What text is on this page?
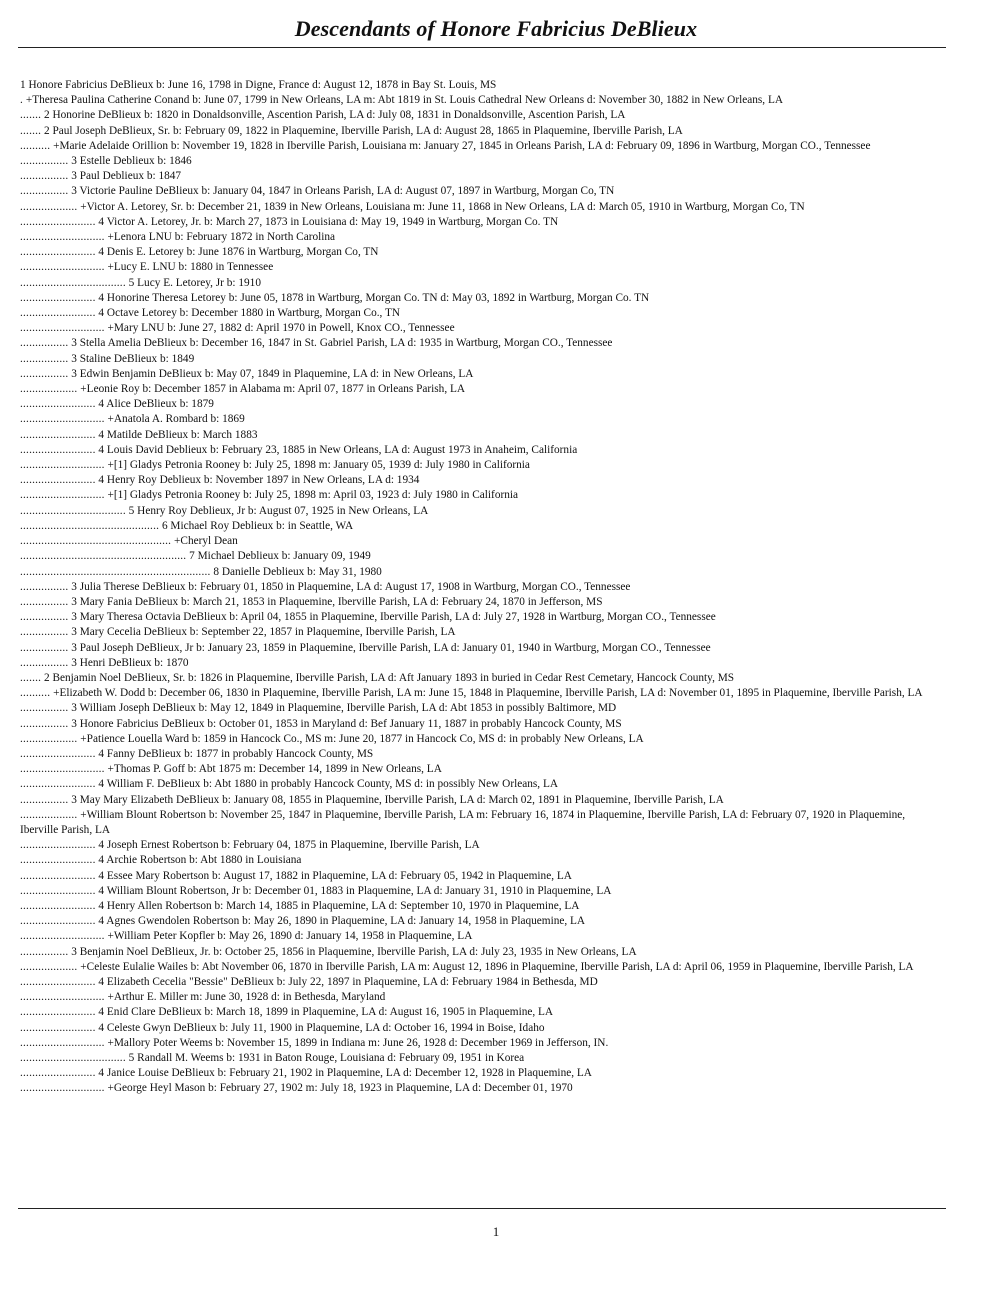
Descendants of Honore Fabricius DeBlieux
1 Honore Fabricius DeBlieux b: June 16, 1798 in Digne, France d: August 12, 1878 in Bay St. Louis, MS
. +Theresa Paulina Catherine Conand b: June 07, 1799 in New Orleans, LA m: Abt 1819 in St. Louis Cathedral New Orleans d: November 30, 1882 in New Orleans, LA
....... 2 Honorine DeBlieux b: 1820 in Donaldsonville, Ascention Parish, LA d: July 08, 1831 in Donaldsonville, Ascention Parish, LA
....... 2 Paul Joseph DeBlieux, Sr. b: February 09, 1822 in Plaquemine, Iberville Parish, LA d: August 28, 1865 in Plaquemine, Iberville Parish, LA
.......... +Marie Adelaide Orillion b: November 19, 1828 in Iberville Parish, Louisiana m: January 27, 1845 in Orleans Parish, LA d: February 09, 1896 in Wartburg, Morgan CO., Tennessee
................ 3 Estelle Deblieux b: 1846
................ 3 Paul Deblieux b: 1847
................ 3 Victorie Pauline DeBlieux b: January 04, 1847 in Orleans Parish, LA d: August 07, 1897 in Wartburg, Morgan Co, TN
................... +Victor A. Letorey, Sr. b: December 21, 1839 in New Orleans, Louisiana m: June 11, 1868 in New Orleans, LA d: March 05, 1910 in Wartburg, Morgan Co, TN
......................... 4 Victor A. Letorey, Jr. b: March 27, 1873 in Louisiana d: May 19, 1949 in Wartburg, Morgan Co. TN
............................ +Lenora LNU b: February 1872 in North Carolina
......................... 4 Denis E. Letorey b: June 1876 in Wartburg, Morgan Co, TN
............................ +Lucy E. LNU b: 1880 in Tennessee
................................... 5 Lucy E. Letorey, Jr b: 1910
......................... 4 Honorine Theresa Letorey b: June 05, 1878 in Wartburg, Morgan Co. TN d: May 03, 1892 in Wartburg, Morgan Co. TN
......................... 4 Octave Letorey b: December 1880 in Wartburg, Morgan Co., TN
............................ +Mary LNU b: June 27, 1882 d: April 1970 in Powell, Knox CO., Tennessee
................ 3 Stella Amelia DeBlieux b: December 16, 1847 in St. Gabriel Parish, LA d: 1935 in Wartburg, Morgan CO., Tennessee
................ 3 Staline DeBlieux b: 1849
................ 3 Edwin Benjamin DeBlieux b: May 07, 1849 in Plaquemine, LA d: in New Orleans, LA
................... +Leonie Roy b: December 1857 in Alabama m: April 07, 1877 in Orleans Parish, LA
......................... 4 Alice DeBlieux b: 1879
............................ +Anatola A. Rombard b: 1869
......................... 4 Matilde DeBlieux b: March 1883
......................... 4 Louis David Deblieux b: February 23, 1885 in New Orleans, LA d: August 1973 in Anaheim, California
............................ +[1] Gladys Petronia Rooney b: July 25, 1898 m: January 05, 1939 d: July 1980 in California
......................... 4 Henry Roy Deblieux b: November 1897 in New Orleans, LA d: 1934
............................ +[1] Gladys Petronia Rooney b: July 25, 1898 m: April 03, 1923 d: July 1980 in California
................................... 5 Henry Roy Deblieux, Jr b: August 07, 1925 in New Orleans, LA
.............................................. 6 Michael Roy Deblieux b: in Seattle, WA
.................................................. +Cheryl Dean
....................................................... 7 Michael Deblieux b: January 09, 1949
............................................................... 8 Danielle Deblieux b: May 31, 1980
................ 3 Julia Therese DeBlieux b: February 01, 1850 in Plaquemine, LA d: August 17, 1908 in Wartburg, Morgan CO., Tennessee
................ 3 Mary Fania DeBlieux b: March 21, 1853 in Plaquemine, Iberville Parish, LA d: February 24, 1870 in Jefferson, MS
................ 3 Mary Theresa Octavia DeBlieux b: April 04, 1855 in Plaquemine, Iberville Parish, LA d: July 27, 1928 in Wartburg, Morgan CO., Tennessee
................ 3 Mary Cecelia DeBlieux b: September 22, 1857 in Plaquemine, Iberville Parish, LA
................ 3 Paul Joseph DeBlieux, Jr b: January 23, 1859 in Plaquemine, Iberville Parish, LA d: January 01, 1940 in Wartburg, Morgan CO., Tennessee
................ 3 Henri DeBlieux b: 1870
....... 2 Benjamin Noel DeBlieux, Sr. b: 1826 in Plaquemine, Iberville Parish, LA d: Aft January 1893 in buried in Cedar Rest Cemetary, Hancock County, MS
.......... +Elizabeth W. Dodd b: December 06, 1830 in Plaquemine, Iberville Parish, LA m: June 15, 1848 in Plaquemine, Iberville Parish, LA d: November 01, 1895 in Plaquemine, Iberville Parish, LA
................ 3 William Joseph DeBlieux b: May 12, 1849 in Plaquemine, Iberville Parish, LA d: Abt 1853 in possibly Baltimore, MD
................ 3 Honore Fabricius DeBlieux b: October 01, 1853 in Maryland d: Bef January 11, 1887 in probably Hancock County, MS
................... +Patience Louella Ward b: 1859 in Hancock Co., MS m: June 20, 1877 in Hancock Co, MS d: in probably New Orleans, LA
......................... 4 Fanny DeBlieux b: 1877 in probably Hancock County, MS
............................ +Thomas P. Goff b: Abt 1875 m: December 14, 1899 in New Orleans, LA
......................... 4 William F. DeBlieux b: Abt 1880 in probably Hancock County, MS d: in possibly New Orleans, LA
................ 3 May Mary Elizabeth DeBlieux b: January 08, 1855 in Plaquemine, Iberville Parish, LA d: March 02, 1891 in Plaquemine, Iberville Parish, LA
................... +William Blount Robertson b: November 25, 1847 in Plaquemine, Iberville Parish, LA m: February 16, 1874 in Plaquemine, Iberville Parish, LA d: February 07, 1920 in Plaquemine, Iberville Parish, LA
......................... 4 Joseph Ernest Robertson b: February 04, 1875 in Plaquemine, Iberville Parish, LA
......................... 4 Archie Robertson b: Abt 1880 in Louisiana
......................... 4 Essee Mary Robertson b: August 17, 1882 in Plaquemine, LA d: February 05, 1942 in Plaquemine, LA
......................... 4 William Blount Robertson, Jr b: December 01, 1883 in Plaquemine, LA d: January 31, 1910 in Plaquemine, LA
......................... 4 Henry Allen Robertson b: March 14, 1885 in Plaquemine, LA d: September 10, 1970 in Plaquemine, LA
......................... 4 Agnes Gwendolen Robertson b: May 26, 1890 in Plaquemine, LA d: January 14, 1958 in Plaquemine, LA
............................ +William Peter Kopfler b: May 26, 1890 d: January 14, 1958 in Plaquemine, LA
................ 3 Benjamin Noel DeBlieux, Jr. b: October 25, 1856 in Plaquemine, Iberville Parish, LA d: July 23, 1935 in New Orleans, LA
................... +Celeste Eulalie Wailes b: Abt November 06, 1870 in Iberville Parish, LA m: August 12, 1896 in Plaquemine, Iberville Parish, LA d: April 06, 1959 in Plaquemine, Iberville Parish, LA
......................... 4 Elizabeth Cecelia "Bessie" DeBlieux b: July 22, 1897 in Plaquemine, LA d: February 1984 in Bethesda, MD
............................ +Arthur E. Miller m: June 30, 1928 d: in Bethesda, Maryland
......................... 4 Enid Clare DeBlieux b: March 18, 1899 in Plaquemine, LA d: August 16, 1905 in Plaquemine, LA
......................... 4 Celeste Gwyn DeBlieux b: July 11, 1900 in Plaquemine, LA d: October 16, 1994 in Boise, Idaho
............................ +Mallory Poter Weems b: November 15, 1899 in Indiana m: June 26, 1928 d: December 1969 in Jefferson, IN.
................................... 5 Randall M. Weems b: 1931 in Baton Rouge, Louisiana d: February 09, 1951 in Korea
......................... 4 Janice Louise DeBlieux b: February 21, 1902 in Plaquemine, LA d: December 12, 1928 in Plaquemine, LA
............................ +George Heyl Mason b: February 27, 1902 m: July 18, 1923 in Plaquemine, LA d: December 01, 1970
1
